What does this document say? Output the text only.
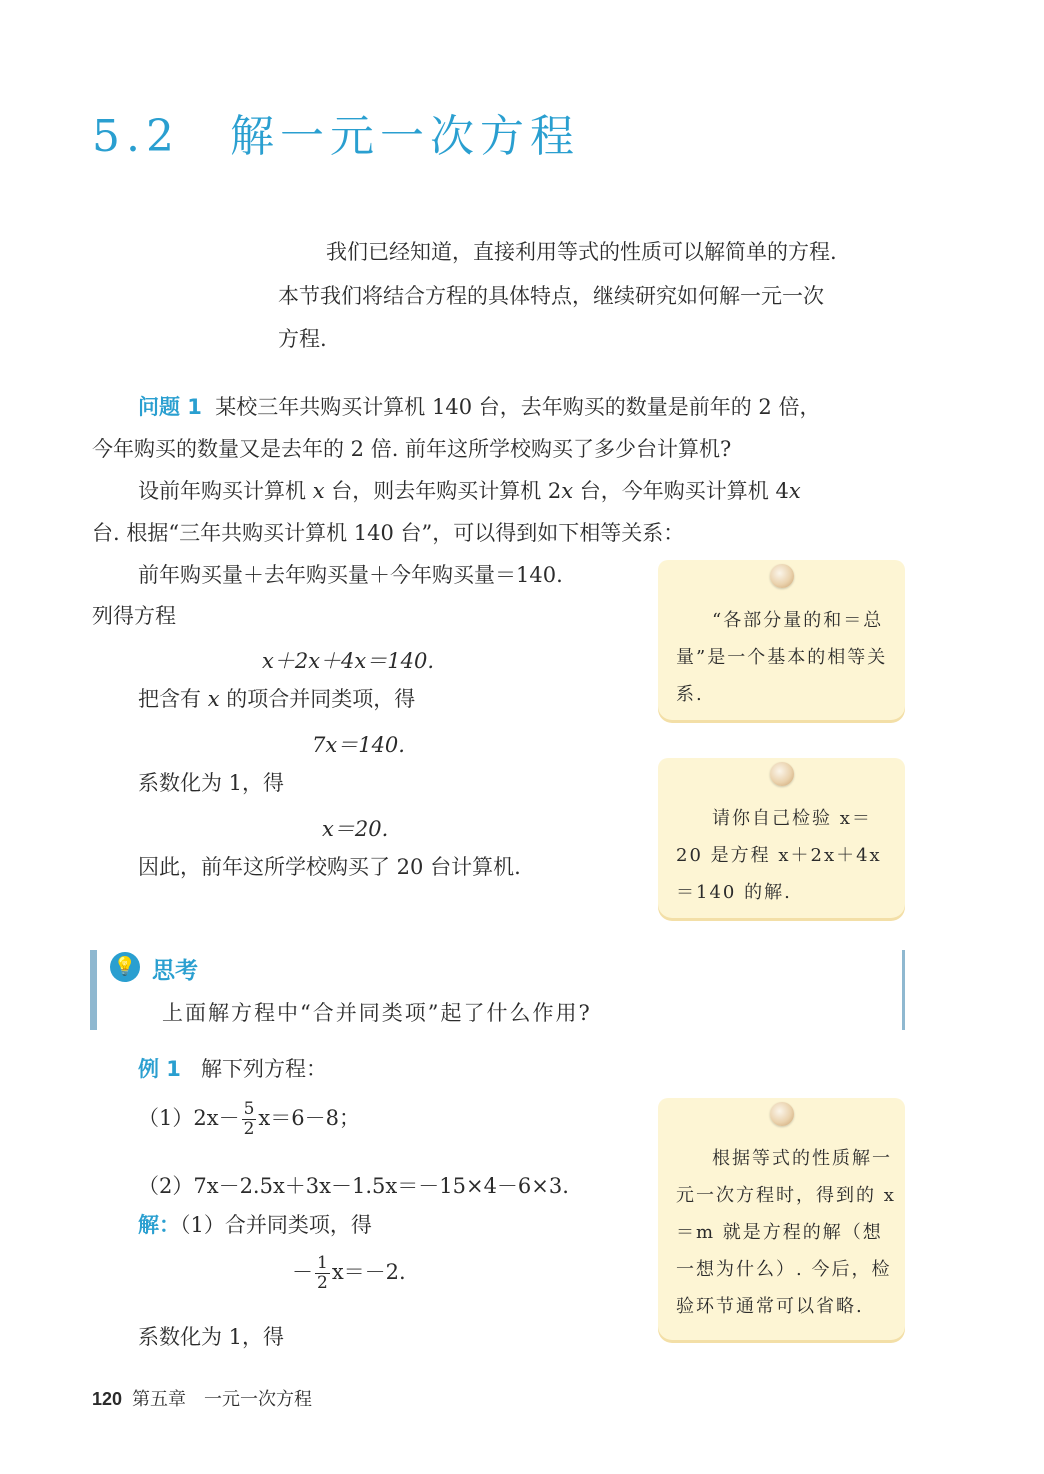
5.2　解一元一次方程
我们已经知道，直接利用等式的性质可以解简单的方程.
本节我们将结合方程的具体特点，继续研究如何解一元一次
方程.
问题 1 某校三年共购买计算机 140 台，去年购买的数量是前年的 2 倍，
今年购买的数量又是去年的 2 倍. 前年这所学校购买了多少台计算机?
设前年购买计算机 x 台，则去年购买计算机 2x 台，今年购买计算机 4x
台. 根据“三年共购买计算机 140 台”，可以得到如下相等关系：
前年购买量＋去年购买量＋今年购买量＝140.
列得方程
x＋2x＋4x＝140.
把含有 x 的项合并同类项，得
7x＝140.
系数化为 1，得
x＝20.
因此，前年这所学校购买了 20 台计算机.
“各部分量的和＝总量”是一个基本的相等关系.
请你自己检验 x＝20 是方程 x＋2x＋4x＝140 的解.
根据等式的性质解一元一次方程时，得到的 x＝m 就是方程的解（想一想为什么）. 今后，检验环节通常可以省略.
💡 思考
上面解方程中“合并同类项”起了什么作用?
例 1 解下列方程：
$(1)2x- \frac{5}{2} x=6-8$；
（2）7x－2.5x＋3x－1.5x＝－15×4－6×3.
解：（1）合并同类项，得
－ $\frac{1}{2} x=-2$.
系数化为 1，得
120 第五章　一元一次方程
